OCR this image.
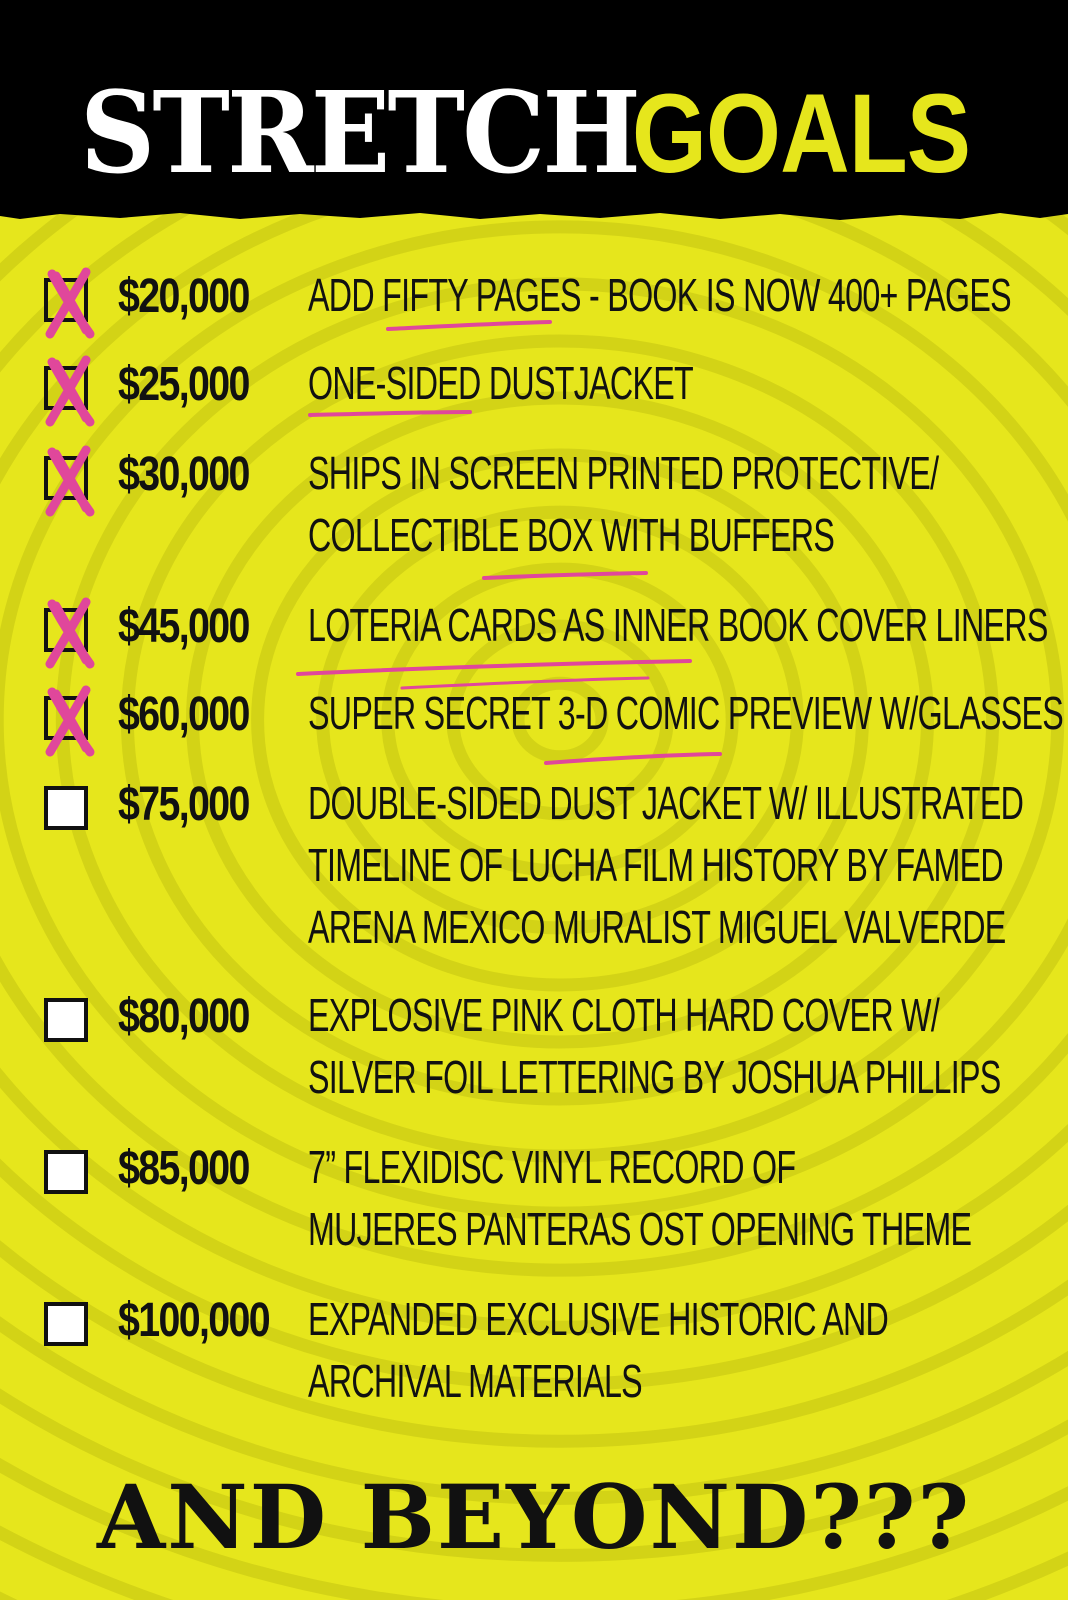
STRETCH
GOALS
$20,000 ADD FIFTY PAGES - BOOK IS NOW 400+ PAGES
$25,000 ONE-SIDED DUSTJACKET
$30,000 SHIPS IN SCREEN PRINTED PROTECTIVE/
COLLECTIBLE BOX WITH BUFFERS
$45,000 LOTERIA CARDS AS INNER BOOK COVER LINERS
$60,000 SUPER SECRET 3-D COMIC PREVIEW W/GLASSES
$75,000 DOUBLE-SIDED DUST JACKET W/ ILLUSTRATED
TIMELINE OF LUCHA FILM HISTORY BY FAMED
ARENA MEXICO MURALIST MIGUEL VALVERDE
$80,000 EXPLOSIVE PINK CLOTH HARD COVER W/
SILVER FOIL LETTERING BY JOSHUA PHILLIPS
$85,000 7” FLEXIDISC VINYL RECORD OF
MUJERES PANTERAS OST OPENING THEME
$100,000 EXPANDED EXCLUSIVE HISTORIC AND
ARCHIVAL MATERIALS
AND BEYOND???
